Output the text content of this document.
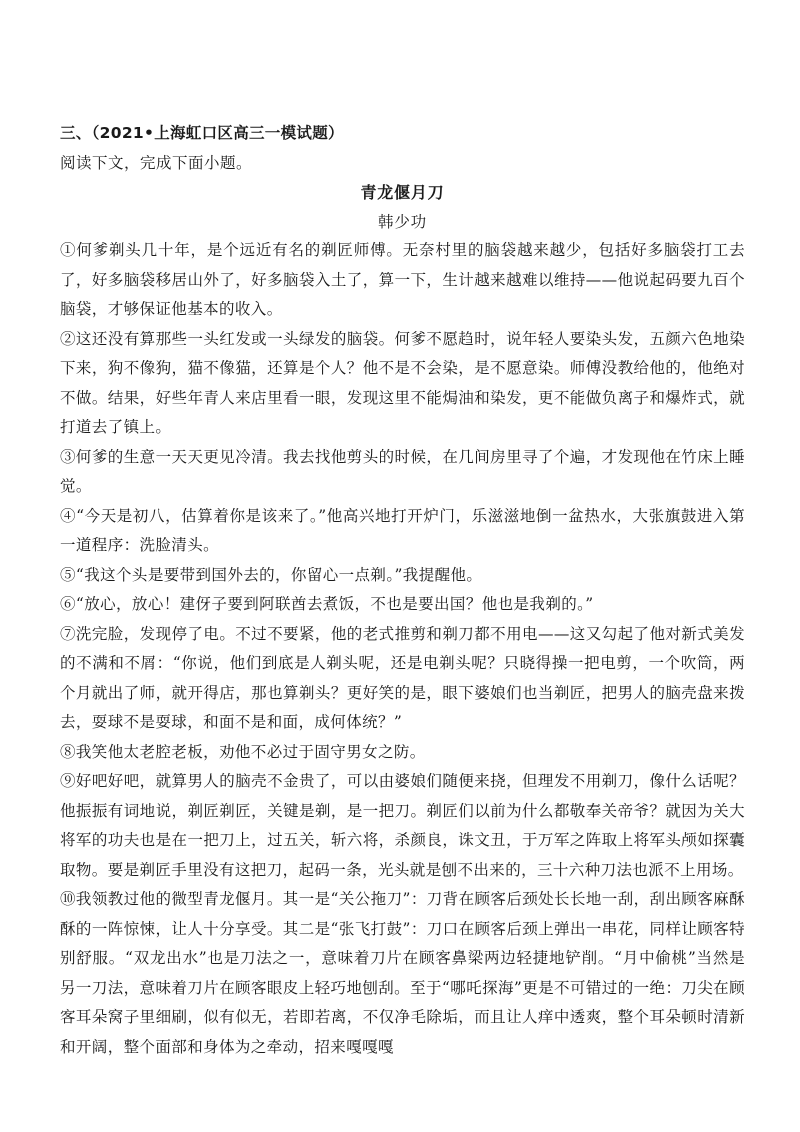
三、（2021•上海虹口区高三一模试题）

阅读下文，完成下面小题。

青龙偃月刀

韩少功

①何爹剃头几十年，是个远近有名的剃匠师傅。无奈村里的脑袋越来越少，包括好多脑袋打工去了，好多脑袋移居山外了，好多脑袋入土了，算一下，生计越来越难以维持——他说起码要九百个脑袋，才够保证他基本的收入。

②这还没有算那些一头红发或一头绿发的脑袋。何爹不愿趋时，说年轻人要染头发，五颜六色地染下来，狗不像狗，猫不像猫，还算是个人？他不是不会染，是不愿意染。师傅没教给他的，他绝对不做。结果，好些年青人来店里看一眼，发现这里不能焗油和染发，更不能做负离子和爆炸式，就打道去了镇上。

③何爹的生意一天天更见冷清。我去找他剪头的时候，在几间房里寻了个遍，才发现他在竹床上睡觉。

④“今天是初八，估算着你是该来了。”他高兴地打开炉门，乐滋滋地倒一盆热水，大张旗鼓进入第一道程序：洗脸清头。

⑤“我这个头是要带到国外去的，你留心一点剃。”我提醒他。

⑥“放心，放心！建伢子要到阿联酋去煮饭，不也是要出国？他也是我剃的。”

⑦洗完脸，发现停了电。不过不要紧，他的老式推剪和剃刀都不用电——这又勾起了他对新式美发的不满和不屑：“你说，他们到底是人剃头呢，还是电剃头呢？只晓得操一把电剪，一个吹筒，两个月就出了师，就开得店，那也算剃头？更好笑的是，眼下婆娘们也当剃匠，把男人的脑壳盘来拨去，耍球不是耍球，和面不是和面，成何体统？”

⑧我笑他太老腔老板，劝他不必过于固守男女之防。

⑨好吧好吧，就算男人的脑壳不金贵了，可以由婆娘们随便来挠，但理发不用剃刀，像什么话呢？他振振有词地说，剃匠剃匠，关键是剃，是一把刀。剃匠们以前为什么都敬奉关帝爷？就因为关大将军的功夫也是在一把刀上，过五关，斩六将，杀颜良，诛文丑，于万军之阵取上将军头颅如探囊取物。要是剃匠手里没有这把刀，起码一条，光头就是刨不出来的，三十六种刀法也派不上用场。

⑩我领教过他的微型青龙偃月。其一是“关公拖刀”：刀背在顾客后颈处长长地一刮，刮出顾客麻酥酥的一阵惊悚，让人十分享受。其二是“张飞打鼓”：刀口在顾客后颈上弹出一串花，同样让顾客特别舒服。“双龙出水”也是刀法之一，意味着刀片在顾客鼻梁两边轻捷地铲削。“月中偷桃”当然是另一刀法，意味着刀片在顾客眼皮上轻巧地刨刮。至于“哪吒探海”更是不可错过的一绝：刀尖在顾客耳朵窝子里细刷，似有似无，若即若离，不仅净毛除垢，而且让人痒中透爽，整个耳朵顿时清新和开阔，整个面部和身体为之牵动，招来嘎嘎嘎
